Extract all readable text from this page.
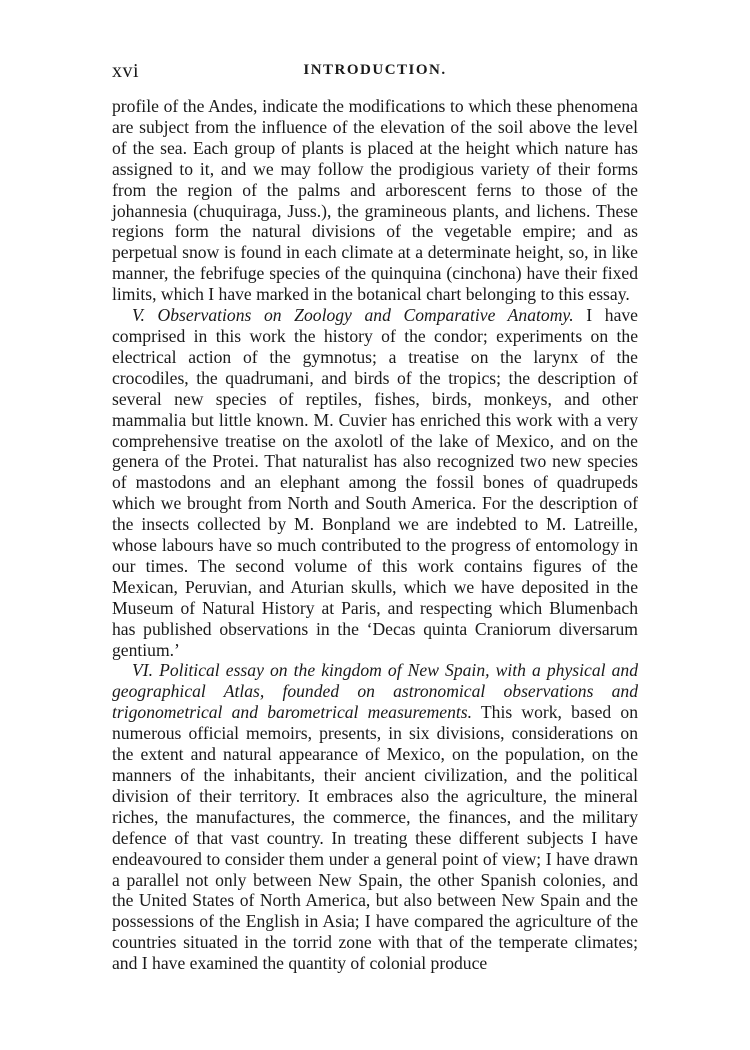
xvi	INTRODUCTION.

profile of the Andes, indicate the modifications to which these phenomena are subject from the influence of the elevation of the soil above the level of the sea. Each group of plants is placed at the height which nature has assigned to it, and we may follow the prodigious variety of their forms from the region of the palms and arborescent ferns to those of the johannesia (chuquiraga, Juss.), the gramineous plants, and lichens. These regions form the natural divisions of the vegetable empire; and as perpetual snow is found in each climate at a determinate height, so, in like manner, the febrifuge species of the quinquina (cinchona) have their fixed limits, which I have marked in the botanical chart belonging to this essay.

V. Observations on Zoology and Comparative Anatomy. I have comprised in this work the history of the condor; experiments on the electrical action of the gymnotus; a treatise on the larynx of the crocodiles, the quadrumani, and birds of the tropics; the description of several new species of reptiles, fishes, birds, monkeys, and other mammalia but little known. M. Cuvier has enriched this work with a very comprehensive treatise on the axolotl of the lake of Mexico, and on the genera of the Protei. That naturalist has also recognized two new species of mastodons and an elephant among the fossil bones of quadrupeds which we brought from North and South America. For the description of the insects collected by M. Bonpland we are indebted to M. Latreille, whose labours have so much contributed to the progress of entomology in our times. The second volume of this work contains figures of the Mexican, Peruvian, and Aturian skulls, which we have deposited in the Museum of Natural History at Paris, and respecting which Blumenbach has published observations in the ‘Decas quinta Craniorum diversarum gentium.’

VI. Political essay on the kingdom of New Spain, with a physical and geographical Atlas, founded on astronomical observations and trigonometrical and barometrical measurements. This work, based on numerous official memoirs, presents, in six divisions, considerations on the extent and natural appearance of Mexico, on the population, on the manners of the inhabitants, their ancient civilization, and the political division of their territory. It embraces also the agriculture, the mineral riches, the manufactures, the commerce, the finances, and the military defence of that vast country. In treating these different subjects I have endeavoured to consider them under a general point of view; I have drawn a parallel not only between New Spain, the other Spanish colonies, and the United States of North America, but also between New Spain and the possessions of the English in Asia; I have compared the agriculture of the countries situated in the torrid zone with that of the temperate climates; and I have examined the quantity of colonial produce
